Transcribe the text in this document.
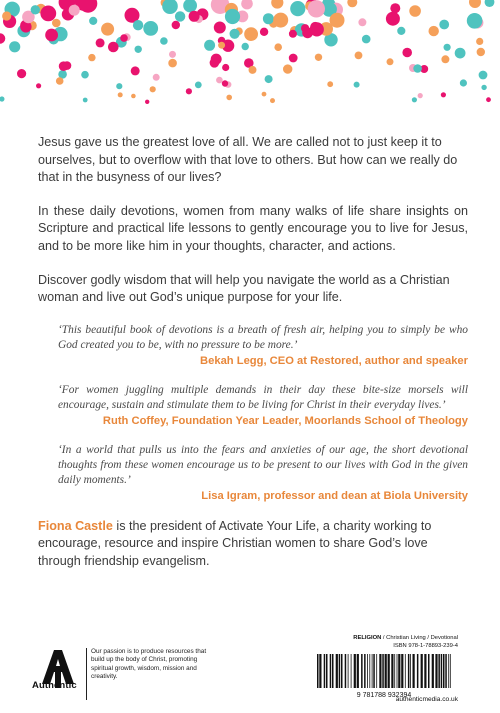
Jesus gave us the greatest love of all. We are called not to just keep it to ourselves, but to overflow with that love to others. But how can we really do that in the busyness of our lives?

In these daily devotions, women from many walks of life share insights on Scripture and practical life lessons to gently encourage you to live for Jesus, and to be more like him in your thoughts, character, and actions.

Discover godly wisdom that will help you navigate the world as a Christian woman and live out God’s unique purpose for your life.

‘This beautiful book of devotions is a breath of fresh air, helping you to simply be who God created you to be, with no pressure to be more.’
Bekah Legg, CEO at Restored, author and speaker
‘For women juggling multiple demands in their day these bite-size morsels will encourage, sustain and stimulate them to be living for Christ in their everyday lives.’
Ruth Coffey, Foundation Year Leader, Moorlands School of Theology
‘In a world that pulls us into the fears and anxieties of our age, the short devotional thoughts from these women encourage us to be present to our lives with God in the given daily moments.’
Lisa Igram, professor and dean at Biola University

Fiona Castle is the president of Activate Your Life, a charity working to encourage, resource and inspire Christian women to share God’s love through friendship evangelism.

Authentic
Our passion is to produce resources that build up the body of Christ, promoting spiritual growth, wisdom, mission and creativity.
RELIGION / Christian Living / Devotional
ISBN 978-1-78893-239-4
9 781788 932394
authenticmedia.co.uk
